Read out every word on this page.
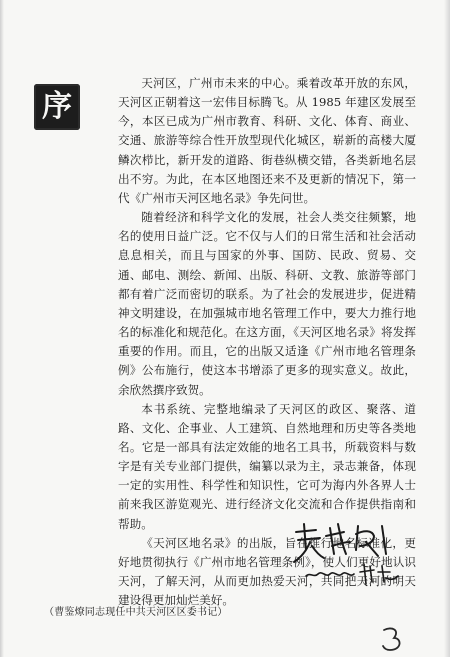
序

天河区，广州市未来的中心。乘着改革开放的东风，天河区正朝着这一宏伟目标腾飞。从 1985 年建区发展至今，本区已成为广州市教育、科研、文化、体育、商业、交通、旅游等综合性开放型现代化城区，崭新的高楼大厦鳞次栉比，新开发的道路、街巷纵横交错，各类新地名层出不穷。为此，在本区地图还来不及更新的情况下，第一代《广州市天河区地名录》争先问世。

随着经济和科学文化的发展，社会人类交往频繁，地名的使用日益广泛。它不仅与人们的日常生活和社会活动息息相关，而且与国家的外事、国防、民政、贸易、交通、邮电、测绘、新闻、出版、科研、文教、旅游等部门都有着广泛而密切的联系。为了社会的发展进步，促进精神文明建设，在加强城市地名管理工作中，要大力推行地名的标准化和规范化。在这方面，《天河区地名录》将发挥重要的作用。而且，它的出版又适逢《广州市地名管理条例》公布施行，使这本书增添了更多的现实意义。故此，余欣然撰序致贺。

本书系统、完整地编录了天河区的政区、聚落、道路、文化、企事业、人工建筑、自然地理和历史等各类地名。它是一部具有法定效能的地名工具书，所载资料与数字是有关专业部门提供，编纂以录为主，录志兼备，体现一定的实用性、科学性和知识性，它可为海内外各界人士前来我区游览观光、进行经济文化交流和合作提供指南和帮助。

《天河区地名录》的出版，旨在推行地名标准化，更好地贯彻执行《广州市地名管理条例》，使人们更好地认识天河，了解天河，从而更加热爱天河，共同把天河的明天建设得更加灿烂美好。

（曹鉴燎同志现任中共天河区区委书记）
